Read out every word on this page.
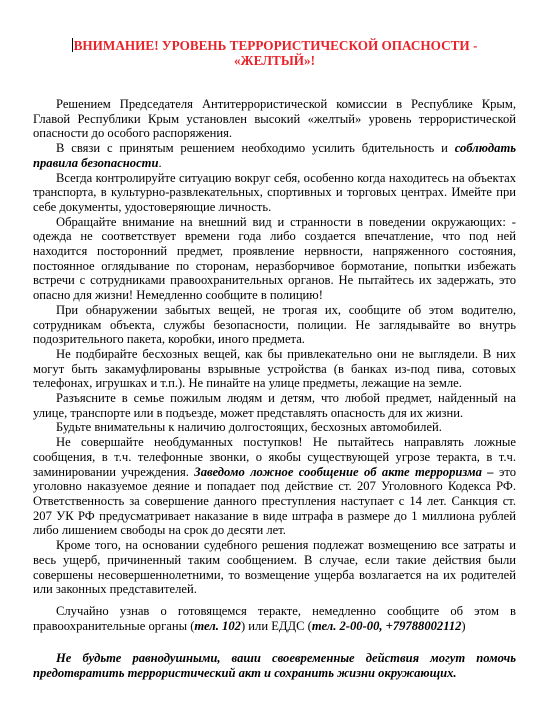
ВНИМАНИЕ! УРОВЕНЬ ТЕРРОРИСТИЧЕСКОЙ ОПАСНОСТИ -
«ЖЕЛТЫЙ»!

Решением Председателя Антитеррористической комиссии в Республике Крым, Главой Республики Крым установлен высокий «желтый» уровень террористической опасности до особого распоряжения.

В связи с принятым решением необходимо усилить бдительность и соблюдать правила безопасности.

Всегда контролируйте ситуацию вокруг себя, особенно когда находитесь на объектах транспорта, в культурно-развлекательных, спортивных и торговых центрах. Имейте при себе документы, удостоверяющие личность.

Обращайте внимание на внешний вид и странности в поведении окружающих: - одежда не соответствует времени года либо создается впечатление, что под ней находится посторонний предмет, проявление нервности, напряженного состояния, постоянное оглядывание по сторонам, неразборчивое бормотание, попытки избежать встречи с сотрудниками правоохранительных органов. Не пытайтесь их задержать, это опасно для жизни! Немедленно сообщите в полицию!

При обнаружении забытых вещей, не трогая их, сообщите об этом водителю, сотрудникам объекта, службы безопасности, полиции. Не заглядывайте во внутрь подозрительного пакета, коробки, иного предмета.

Не подбирайте бесхозных вещей, как бы привлекательно они не выглядели. В них могут быть закамуфлированы взрывные устройства (в банках из-под пива, сотовых телефонах, игрушках и т.п.). Не пинайте на улице предметы, лежащие на земле.

Разъясните в семье пожилым людям и детям, что любой предмет, найденный на улице, транспорте или в подъезде, может представлять опасность для их жизни.

Будьте внимательны к наличию долгостоящих, бесхозных автомобилей.

Не совершайте необдуманных поступков! Не пытайтесь направлять ложные сообщения, в т.ч. телефонные звонки, о якобы существующей угрозе теракта, в т.ч. заминировании учреждения. Заведомо ложное сообщение об акте терроризма – это уголовно наказуемое деяние и попадает под действие ст. 207 Уголовного Кодекса РФ. Ответственность за совершение данного преступления наступает с 14 лет. Санкция ст. 207 УК РФ предусматривает наказание в виде штрафа в размере до 1 миллиона рублей либо лишением свободы на срок до десяти лет.

Кроме того, на основании судебного решения подлежат возмещению все затраты и весь ущерб, причиненный таким сообщением. В случае, если такие действия были совершены несовершеннолетними, то возмещение ущерба возлагается на их родителей или законных представителей.

Случайно узнав о готовящемся теракте, немедленно сообщите об этом в правоохранительные органы (тел. 102) или ЕДДС (тел. 2-00-00, +79788002112)

Не будьте равнодушными, ваши своевременные действия могут помочь предотвратить террористический акт и сохранить жизни окружающих.
